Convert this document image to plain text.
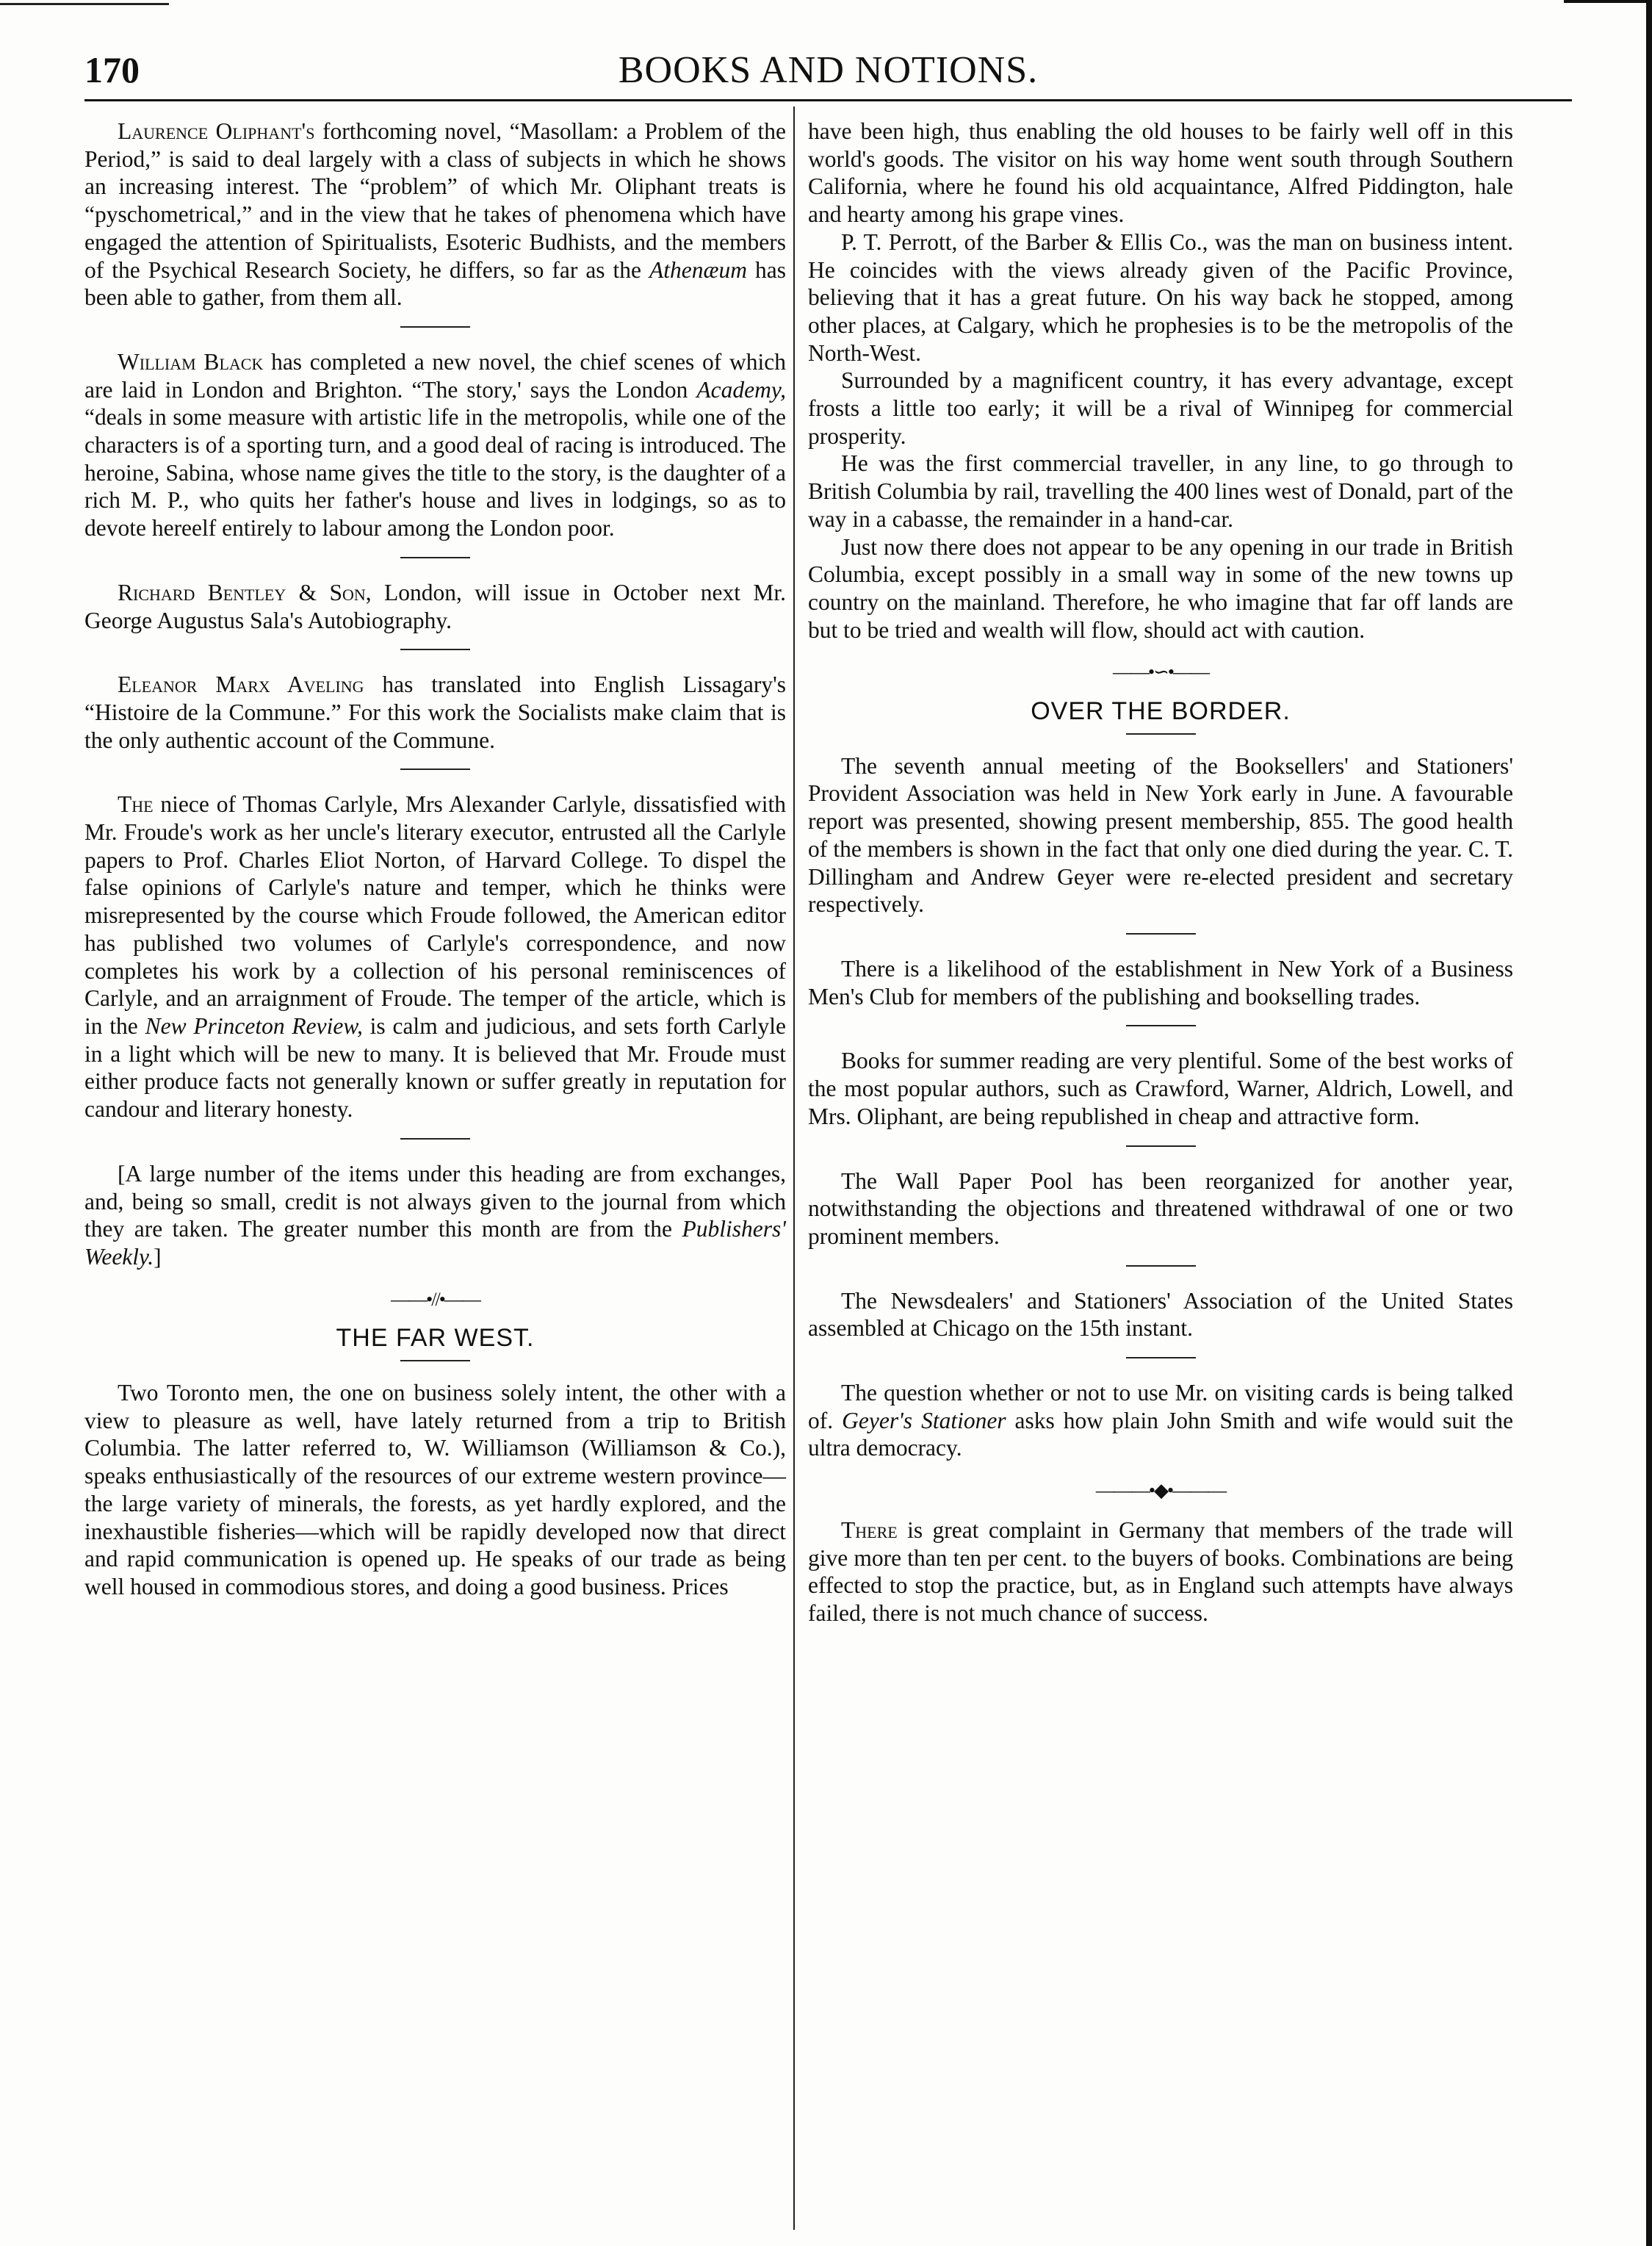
170	BOOKS AND NOTIONS.
Laurence Oliphant's forthcoming novel, “Masollam: a Problem of the Period,” is said to deal largely with a class of subjects in which he shows an increasing interest. The “problem” of which Mr. Oliphant treats is “pyschometrical,” and in the view that he takes of phenomena which have engaged the attention of Spiritualists, Esoteric Budhists, and the members of the Psychical Research Society, he differs, so far as the Athenæum has been able to gather, from them all.
William Black has completed a new novel, the chief scenes of which are laid in London and Brighton. “The story,' says the London Academy, “deals in some measure with artistic life in the metropolis, while one of the characters is of a sporting turn, and a good deal of racing is introduced. The heroine, Sabina, whose name gives the title to the story, is the daughter of a rich M. P., who quits her father's house and lives in lodgings, so as to devote hereelf entirely to labour among the London poor.
Richard Bentley & Son, London, will issue in October next Mr. George Augustus Sala's Autobiography.
Eleanor Marx Aveling has translated into English Lissagary's “Histoire de la Commune.” For this work the Socialists make claim that is the only authentic account of the Commune.
The niece of Thomas Carlyle, Mrs Alexander Carlyle, dissatisfied with Mr. Froude's work as her uncle's literary executor, entrusted all the Carlyle papers to Prof. Charles Eliot Norton, of Harvard College. To dispel the false opinions of Carlyle's nature and temper, which he thinks were misrepresented by the course which Froude followed, the American editor has published two volumes of Carlyle's correspondence, and now completes his work by a collection of his personal reminiscences of Carlyle, and an arraignment of Froude. The temper of the article, which is in the New Princeton Review, is calm and judicious, and sets forth Carlyle in a light which will be new to many. It is believed that Mr. Froude must either produce facts not generally known or suffer greatly in reputation for candour and literary honesty.
[A large number of the items under this heading are from exchanges, and, being so small, credit is not always given to the journal from which they are taken. The greater number this month are from the Publishers' Weekly.]
——•//•——
THE FAR WEST.
Two Toronto men, the one on business solely intent, the other with a view to pleasure as well, have lately returned from a trip to British Columbia. The latter referred to, W. Williamson (Williamson & Co.), speaks enthusiastically of the resources of our extreme western province—the large variety of minerals, the forests, as yet hardly explored, and the inexhaustible fisheries—which will be rapidly developed now that direct and rapid communication is opened up. He speaks of our trade as being well housed in commodious stores, and doing a good business. Prices
have been high, thus enabling the old houses to be fairly well off in this world's goods. The visitor on his way home went south through Southern California, where he found his old acquaintance, Alfred Piddington, hale and hearty among his grape vines.
P. T. Perrott, of the Barber & Ellis Co., was the man on business intent. He coincides with the views already given of the Pacific Province, believing that it has a great future. On his way back he stopped, among other places, at Calgary, which he prophesies is to be the metropolis of the North-West.
Surrounded by a magnificent country, it has every advantage, except frosts a little too early; it will be a rival of Winnipeg for commercial prosperity.
He was the first commercial traveller, in any line, to go through to British Columbia by rail, travelling the 400 lines west of Donald, part of the way in a cabasse, the remainder in a hand-car.
Just now there does not appear to be any opening in our trade in British Columbia, except possibly in a small way in some of the new towns up country on the mainland. Therefore, he who imagine that far off lands are but to be tried and wealth will flow, should act with caution.
——•∽•——
OVER THE BORDER.
The seventh annual meeting of the Booksellers' and Stationers' Provident Association was held in New York early in June. A favourable report was presented, showing present membership, 855. The good health of the members is shown in the fact that only one died during the year. C. T. Dillingham and Andrew Geyer were re-elected president and secretary respectively.
There is a likelihood of the establishment in New York of a Business Men's Club for members of the publishing and bookselling trades.
Books for summer reading are very plentiful. Some of the best works of the most popular authors, such as Crawford, Warner, Aldrich, Lowell, and Mrs. Oliphant, are being republished in cheap and attractive form.
The Wall Paper Pool has been reorganized for another year, notwithstanding the objections and threatened withdrawal of one or two prominent members.
The Newsdealers' and Stationers' Association of the United States assembled at Chicago on the 15th instant.
The question whether or not to use Mr. on visiting cards is being talked of. Geyer's Stationer asks how plain John Smith and wife would suit the ultra democracy.
———•◆•———
There is great complaint in Germany that members of the trade will give more than ten per cent. to the buyers of books. Combinations are being effected to stop the practice, but, as in England such attempts have always failed, there is not much chance of success.
